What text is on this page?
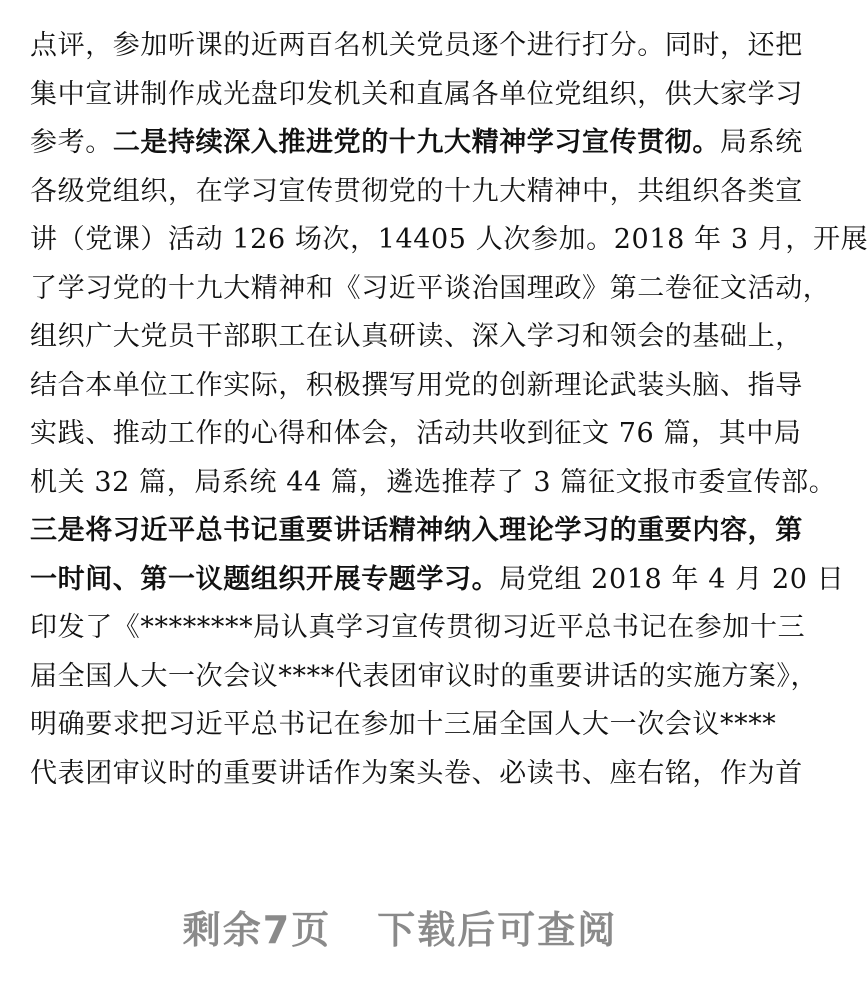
点评，参加听课的近两百名机关党员逐个进行打分。同时，还把
集中宣讲制作成光盘印发机关和直属各单位党组织，供大家学习
参考。二是持续深入推进党的十九大精神学习宣传贯彻。局系统
各级党组织，在学习宣传贯彻党的十九大精神中，共组织各类宣
讲（党课）活动 126 场次，14405 人次参加。2018 年 3 月，开展
了学习党的十九大精神和《习近平谈治国理政》第二卷征文活动，
组织广大党员干部职工在认真研读、深入学习和领会的基础上，
结合本单位工作实际，积极撰写用党的创新理论武装头脑、指导
实践、推动工作的心得和体会，活动共收到征文 76 篇，其中局
机关 32 篇，局系统 44 篇，遴选推荐了 3 篇征文报市委宣传部。
三是将习近平总书记重要讲话精神纳入理论学习的重要内容，第
一时间、第一议题组织开展专题学习。局党组 2018 年 4 月 20 日
印发了《********局认真学习宣传贯彻习近平总书记在参加十三
届全国人大一次会议****代表团审议时的重要讲话的实施方案》，
明确要求把习近平总书记在参加十三届全国人大一次会议****
代表团审议时的重要讲话作为案头卷、必读书、座右铭，作为首
剩余7页 下载后可查阅
